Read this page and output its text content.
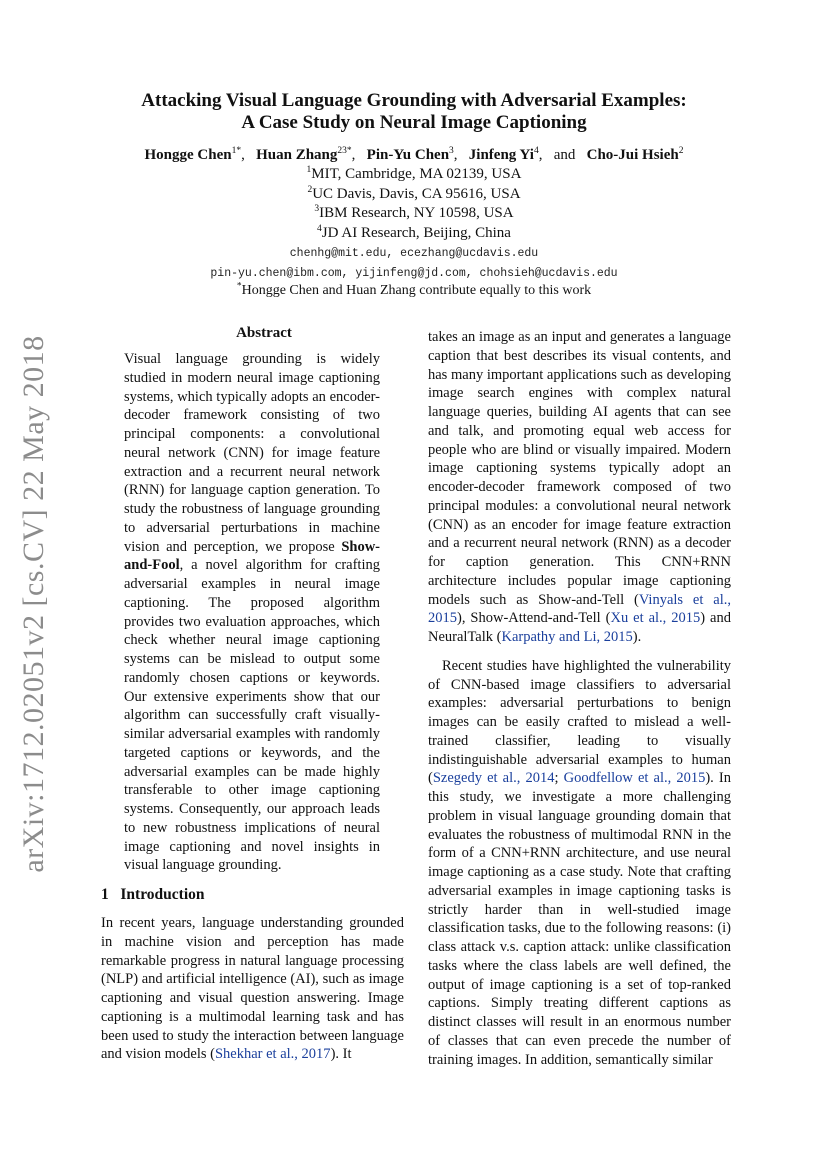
arXiv:1712.02051v2 [cs.CV] 22 May 2018
Attacking Visual Language Grounding with Adversarial Examples:
A Case Study on Neural Image Captioning
Hongge Chen$^{1*}$,   Huan Zhang$^{23*}$,   Pin-Yu Chen$^3$,   Jinfeng Yi$^4$,   and Cho-Jui Hsieh$^2$
$^1$MIT, Cambridge, MA 02139, USA
$^2$UC Davis, Davis, CA 95616, USA
$^3$IBM Research, NY 10598, USA
$^4$JD AI Research, Beijing, China
chenhg@mit.edu, ecezhang@ucdavis.edu
pin-yu.chen@ibm.com, yijinfeng@jd.com, chohsieh@ucdavis.edu
*Hongge Chen and Huan Zhang contribute equally to this work
Abstract

Visual language grounding is widely studied in modern neural image captioning systems, which typically adopts an encoder-decoder framework consisting of two principal components: a convolutional neural network (CNN) for image feature extraction and a recurrent neural network (RNN) for language caption generation. To study the robustness of language grounding to adversarial perturbations in machine vision and perception, we propose Show-and-Fool, a novel algorithm for crafting adversarial examples in neural image captioning. The proposed algorithm provides two evaluation approaches, which check whether neural image captioning systems can be mislead to output some randomly chosen captions or keywords. Our extensive experiments show that our algorithm can successfully craft visually-similar adversarial examples with randomly targeted captions or keywords, and the adversarial examples can be made highly transferable to other image captioning systems. Consequently, our approach leads to new robustness implications of neural image captioning and novel insights in visual language grounding.

1 Introduction

In recent years, language understanding grounded in machine vision and perception has made remarkable progress in natural language processing (NLP) and artificial intelligence (AI), such as image captioning and visual question answering. Image captioning is a multimodal learning task and has been used to study the interaction between language and vision models (Shekhar et al., 2017). It

takes an image as an input and generates a language caption that best describes its visual contents, and has many important applications such as developing image search engines with complex natural language queries, building AI agents that can see and talk, and promoting equal web access for people who are blind or visually impaired. Modern image captioning systems typically adopt an encoder-decoder framework composed of two principal modules: a convolutional neural network (CNN) as an encoder for image feature extraction and a recurrent neural network (RNN) as a decoder for caption generation. This CNN+RNN architecture includes popular image captioning models such as Show-and-Tell (Vinyals et al., 2015), Show-Attend-and-Tell (Xu et al., 2015) and NeuralTalk (Karpathy and Li, 2015).

Recent studies have highlighted the vulnerability of CNN-based image classifiers to adversarial examples: adversarial perturbations to benign images can be easily crafted to mislead a well-trained classifier, leading to visually indistinguishable adversarial examples to human (Szegedy et al., 2014; Goodfellow et al., 2015). In this study, we investigate a more challenging problem in visual language grounding domain that evaluates the robustness of multimodal RNN in the form of a CNN+RNN architecture, and use neural image captioning as a case study. Note that crafting adversarial examples in image captioning tasks is strictly harder than in well-studied image classification tasks, due to the following reasons: (i) class attack v.s. caption attack: unlike classification tasks where the class labels are well defined, the output of image captioning is a set of top-ranked captions. Simply treating different captions as distinct classes will result in an enormous number of classes that can even precede the number of training images. In addition, semantically similar
